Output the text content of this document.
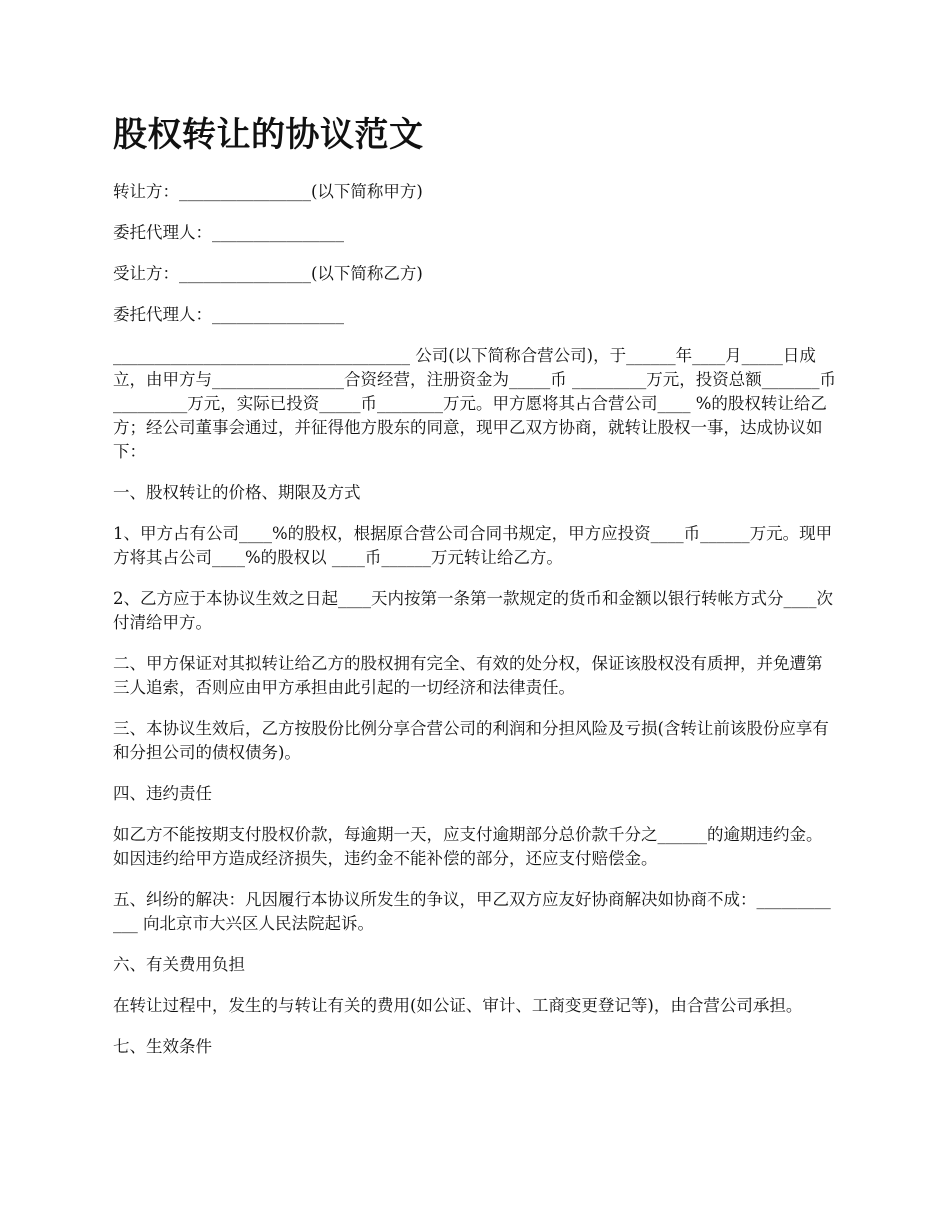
股权转让的协议范文

转让方：________________(以下简称甲方)

委托代理人：________________

受让方：________________(以下简称乙方)

委托代理人：________________

____________________________________ 公司(以下简称合营公司)，于______年____月_____日成立，由甲方与________________合资经营，注册资金为_____币 _________万元，投资总额_______币_________万元，实际已投资_____币________万元。甲方愿将其占合营公司____ %的股权转让给乙方；经公司董事会通过，并征得他方股东的同意，现甲乙双方协商，就转让股权一事，达成协议如下：

一、股权转让的价格、期限及方式

1、甲方占有公司____%的股权，根据原合营公司合同书规定，甲方应投资____币______万元。现甲方将其占公司____%的股权以 ____币______万元转让给乙方。

2、乙方应于本协议生效之日起____天内按第一条第一款规定的货币和金额以银行转帐方式分____次付清给甲方。

二、甲方保证对其拟转让给乙方的股权拥有完全、有效的处分权，保证该股权没有质押，并免遭第三人追索，否则应由甲方承担由此引起的一切经济和法律责任。

三、本协议生效后，乙方按股份比例分享合营公司的利润和分担风险及亏损(含转让前该股份应享有和分担公司的债权债务)。

四、违约责任

如乙方不能按期支付股权价款，每逾期一天，应支付逾期部分总价款千分之______的逾期违约金。如因违约给甲方造成经济损失，违约金不能补偿的部分，还应支付赔偿金。

五、纠纷的解决：凡因履行本协议所发生的争议，甲乙双方应友好协商解决如协商不成：____________ 向北京市大兴区人民法院起诉。

六、有关费用负担

在转让过程中，发生的与转让有关的费用(如公证、审计、工商变更登记等)，由合营公司承担。

七、生效条件
